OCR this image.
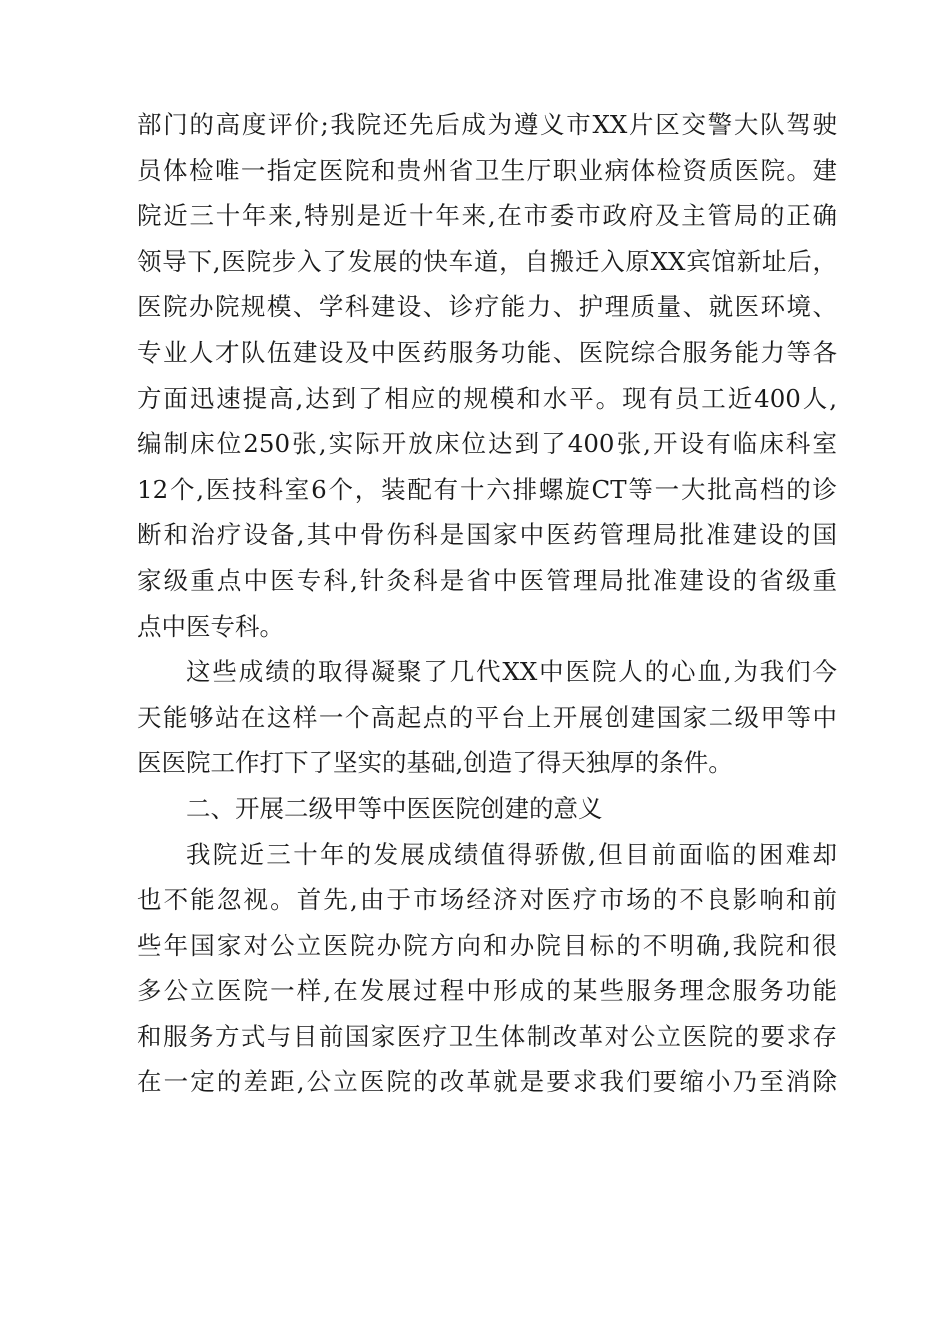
部门的高度评价;我院还先后成为遵义市XX片区交警大队驾驶
员体检唯一指定医院和贵州省卫生厅职业病体检资质医院。建
院近三十年来,特别是近十年来,在市委市政府及主管局的正确
领导下,医院步入了发展的快车道，自搬迁入原XX宾馆新址后，
医院办院规模、学科建设、诊疗能力、护理质量、就医环境、
专业人才队伍建设及中医药服务功能、医院综合服务能力等各
方面迅速提高,达到了相应的规模和水平。现有员工近400人,
编制床位250张,实际开放床位达到了400张,开设有临床科室
12个,医技科室6个，装配有十六排螺旋CT等一大批高档的诊
断和治疗设备,其中骨伤科是国家中医药管理局批准建设的国
家级重点中医专科,针灸科是省中医管理局批准建设的省级重
点中医专科。
这些成绩的取得凝聚了几代XX中医院人的心血,为我们今
天能够站在这样一个高起点的平台上开展创建国家二级甲等中
医医院工作打下了坚实的基础,创造了得天独厚的条件。
二、开展二级甲等中医医院创建的意义
我院近三十年的发展成绩值得骄傲,但目前面临的困难却
也不能忽视。首先,由于市场经济对医疗市场的不良影响和前
些年国家对公立医院办院方向和办院目标的不明确,我院和很
多公立医院一样,在发展过程中形成的某些服务理念服务功能
和服务方式与目前国家医疗卫生体制改革对公立医院的要求存
在一定的差距,公立医院的改革就是要求我们要缩小乃至消除
